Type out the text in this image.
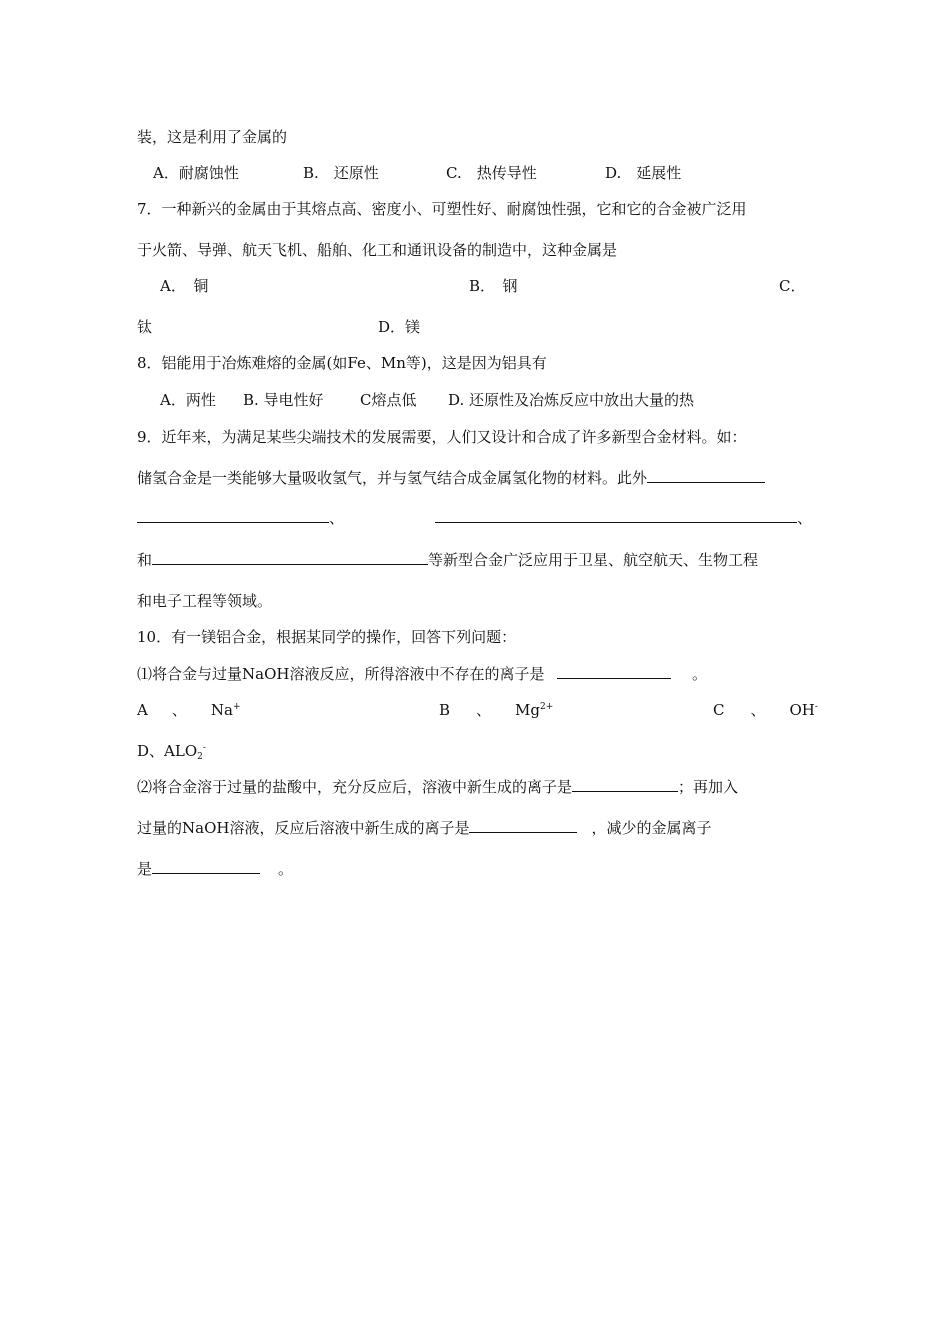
装，这是利用了金属的
A．耐腐蚀性	B.　还原性	C.　热传导性	D.　延展性
7．一种新兴的金属由于其熔点高、密度小、可塑性好、耐腐蚀性强，它和它的合金被广泛用
于火箭、导弹、航天飞机、船舶、化工和通讯设备的制造中，这种金属是
A．　铜	B．　钢	C．
钛	D．镁
8．铝能用于冶炼难熔的金属(如Fe、Mn等)，这是因为铝具有
A．两性 B. 导电性好 C熔点低 D. 还原性及冶炼反应中放出大量的热
9．近年来，为满足某些尖端技术的发展需要，人们又设计和合成了许多新型合金材料。如：
储氢合金是一类能够大量吸收氢气，并与氢气结合成金属氢化物的材料。此外
、	、
和	等新型合金广泛应用于卫星、航空航天、生物工程
和电子工程等领域。
10．有一镁铝合金，根据某同学的操作，回答下列问题：
⑴将合金与过量NaOH溶液反应，所得溶液中不存在的离子是	。
A 、 Na+	B 、 $Mg^{2+}$	C 、 OH-
D、$ALO_2^-$
⑵将合金溶于过量的盐酸中，充分反应后，溶液中新生成的离子是	；再加入
过量的NaOH溶液，反应后溶液中新生成的离子是	，减少的金属离子
是	。
